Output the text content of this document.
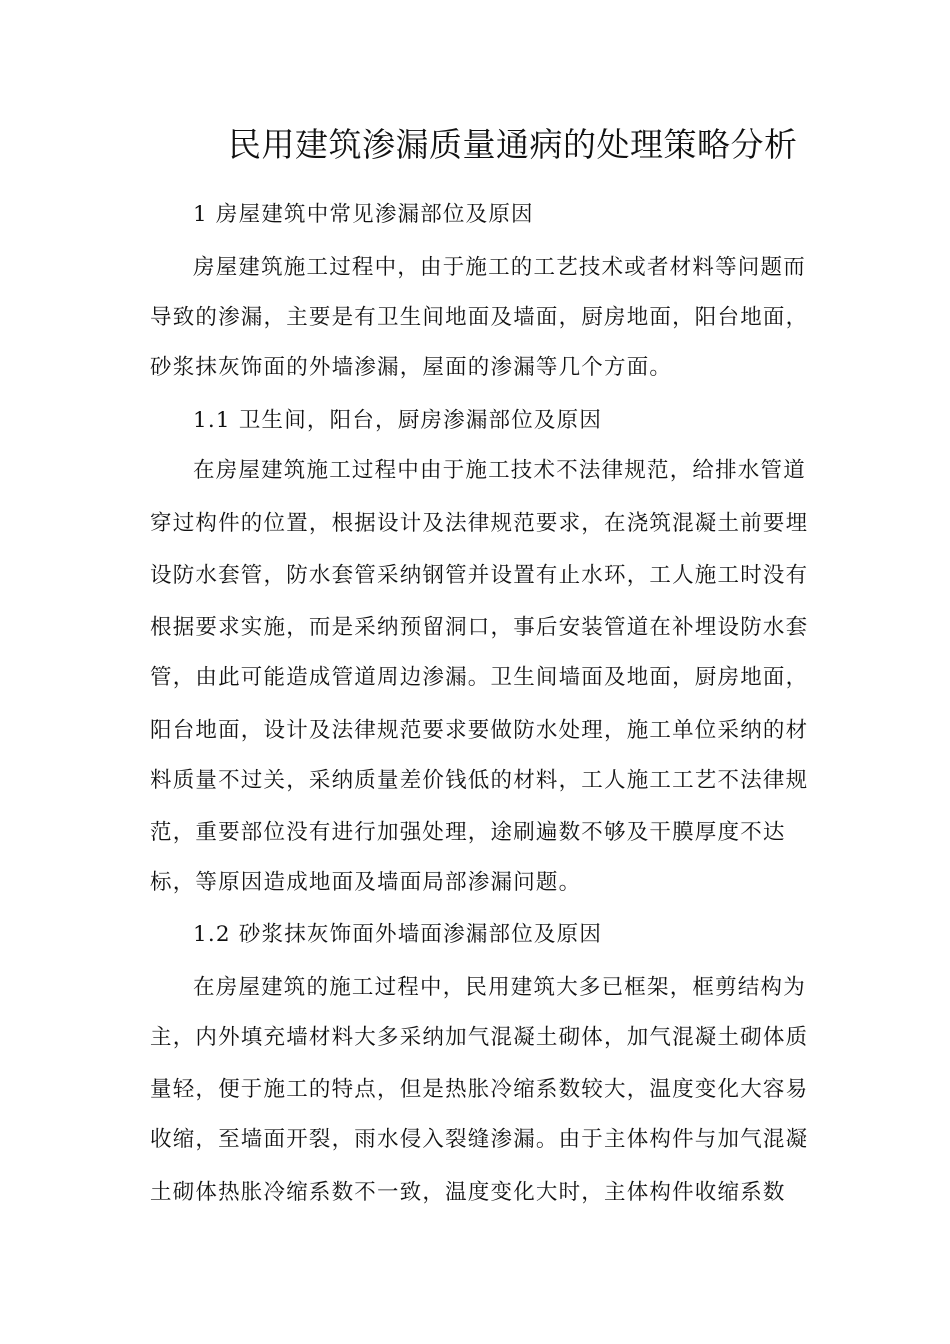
民用建筑渗漏质量通病的处理策略分析

1 房屋建筑中常见渗漏部位及原因

房屋建筑施工过程中，由于施工的工艺技术或者材料等问题而

导致的渗漏，主要是有卫生间地面及墙面，厨房地面，阳台地面，

砂浆抹灰饰面的外墙渗漏，屋面的渗漏等几个方面。

1.1 卫生间，阳台，厨房渗漏部位及原因

在房屋建筑施工过程中由于施工技术不法律规范，给排水管道

穿过构件的位置，根据设计及法律规范要求，在浇筑混凝土前要埋

设防水套管，防水套管采纳钢管并设置有止水环，工人施工时没有

根据要求实施，而是采纳预留洞口，事后安装管道在补埋设防水套

管，由此可能造成管道周边渗漏。卫生间墙面及地面，厨房地面，

阳台地面，设计及法律规范要求要做防水处理，施工单位采纳的材

料质量不过关，采纳质量差价钱低的材料，工人施工工艺不法律规

范，重要部位没有进行加强处理，途刷遍数不够及干膜厚度不达

标，等原因造成地面及墙面局部渗漏问题。

1.2 砂浆抹灰饰面外墙面渗漏部位及原因

在房屋建筑的施工过程中，民用建筑大多已框架，框剪结构为

主，内外填充墙材料大多采纳加气混凝土砌体，加气混凝土砌体质

量轻，便于施工的特点，但是热胀冷缩系数较大，温度变化大容易

收缩，至墙面开裂，雨水侵入裂缝渗漏。由于主体构件与加气混凝

土砌体热胀冷缩系数不一致，温度变化大时，主体构件收缩系数
